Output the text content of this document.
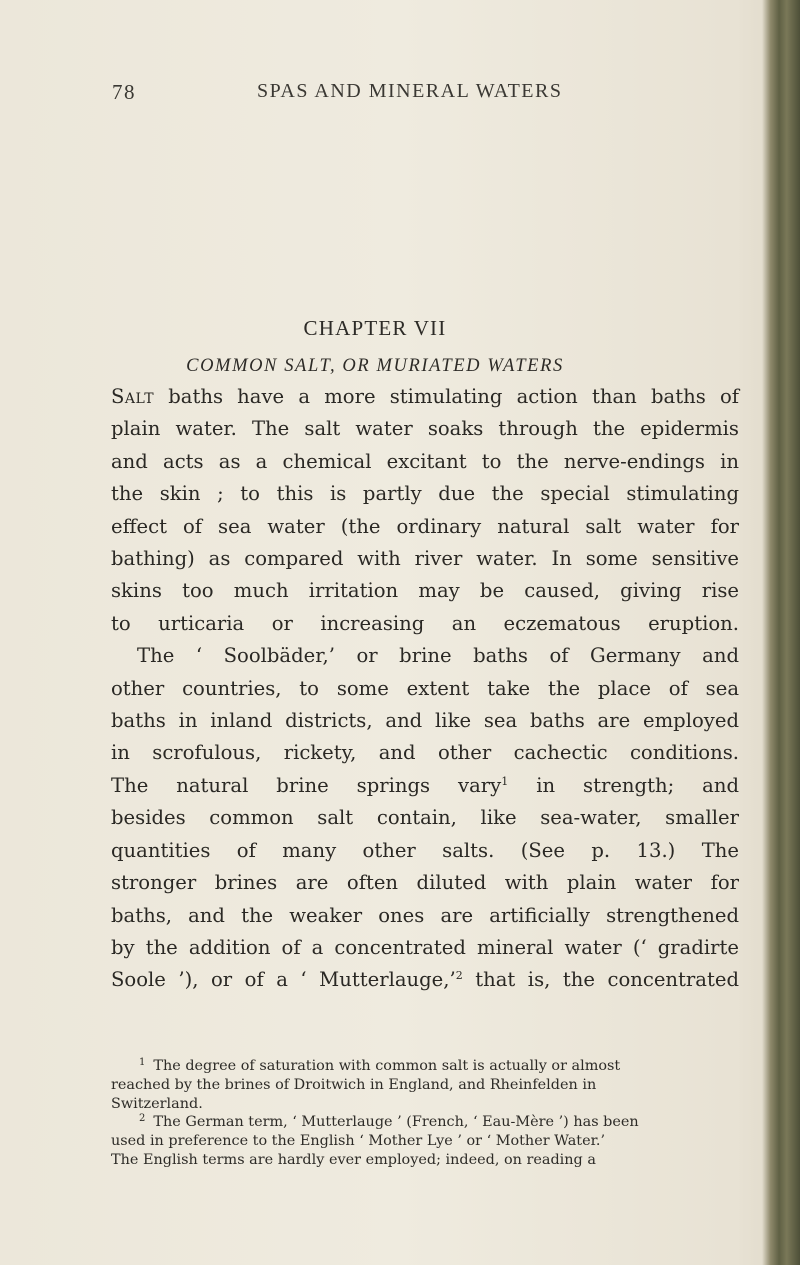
78	SPAS AND MINERAL WATERS
CHAPTER VII
COMMON SALT, OR MURIATED WATERS

Salt baths have a more stimulating action than baths of

plain water. The salt water soaks through the epidermis

and acts as a chemical excitant to the nerve-endings in

the skin ; to this is partly due the special stimulating

effect of sea water (the ordinary natural salt water for

bathing) as compared with river water. In some sensitive

skins too much irritation may be caused, giving rise

to urticaria or increasing an eczematous eruption.

The ‘ Soolbäder,’ or brine baths of Germany and

other countries, to some extent take the place of sea

baths in inland districts, and like sea baths are employed

in scrofulous, rickety, and other cachectic conditions.

The natural brine springs vary$^1$ in strength; and

besides common salt contain, like sea-water, smaller

quantities of many other salts. (See p. 13.) The

stronger brines are often diluted with plain water for

baths, and the weaker ones are artificially strengthened

by the addition of a concentrated mineral water (‘ gradirte

Soole ’), or of a ‘ Mutterlauge,’$^2$ that is, the concentrated

$^1$ The degree of saturation with common salt is actually or almost

reached by the brines of Droitwich in England, and Rheinfelden in

Switzerland.

$^2$ The German term, ‘ Mutterlauge ’ (French, ‘ Eau-Mère ’) has been

used in preference to the English ‘ Mother Lye ’ or ‘ Mother Water.’

The English terms are hardly ever employed; indeed, on reading a
